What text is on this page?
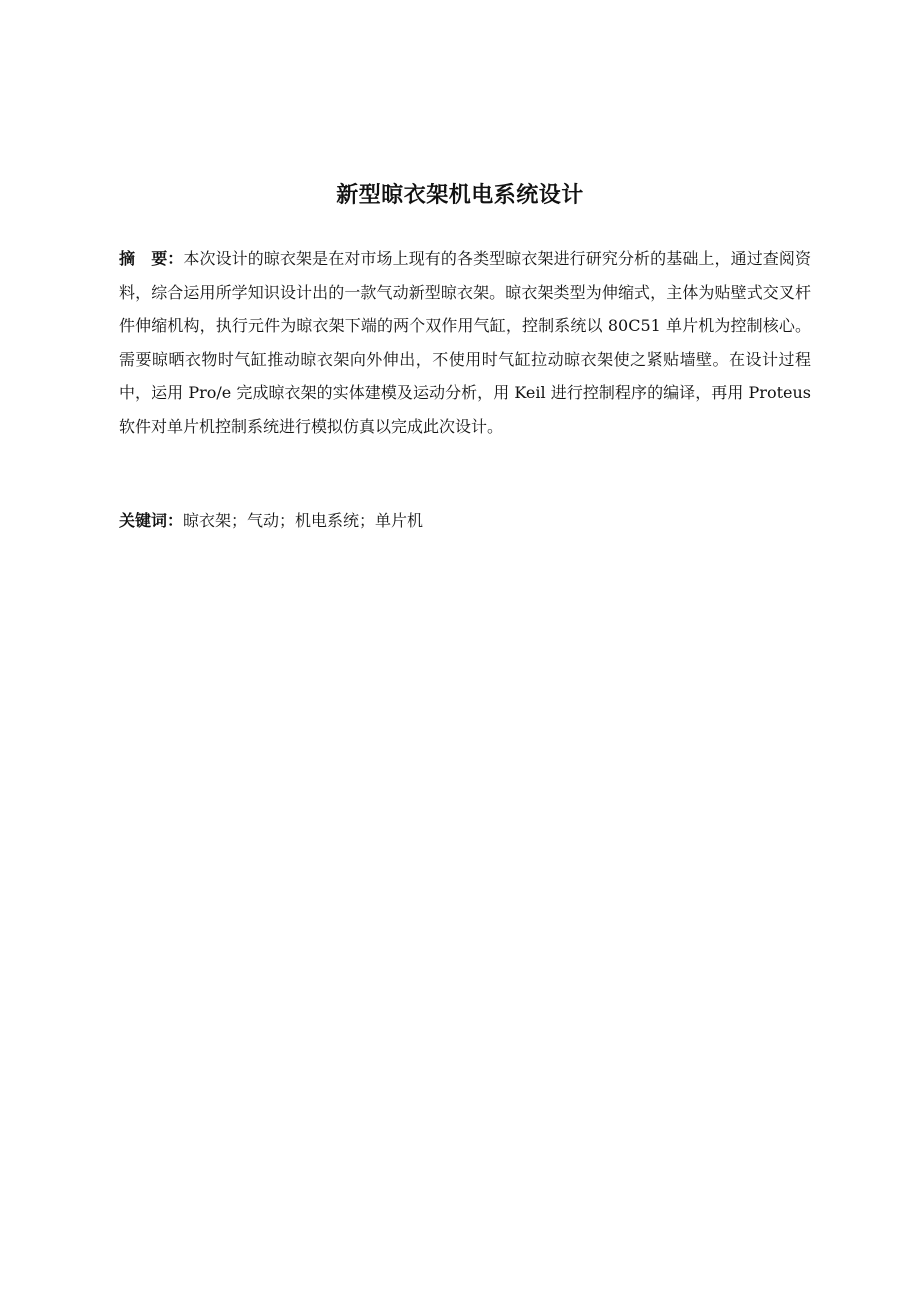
新型晾衣架机电系统设计
摘　要：本次设计的晾衣架是在对市场上现有的各类型晾衣架进行研究分析的基础上，通过查阅资料，综合运用所学知识设计出的一款气动新型晾衣架。晾衣架类型为伸缩式，主体为贴壁式交叉杆件伸缩机构，执行元件为晾衣架下端的两个双作用气缸，控制系统以 80C51 单片机为控制核心。需要晾晒衣物时气缸推动晾衣架向外伸出，不使用时气缸拉动晾衣架使之紧贴墙壁。在设计过程中，运用 Pro/e 完成晾衣架的实体建模及运动分析，用 Keil 进行控制程序的编译，再用 Proteus 软件对单片机控制系统进行模拟仿真以完成此次设计。
关键词：晾衣架；气动；机电系统；单片机
